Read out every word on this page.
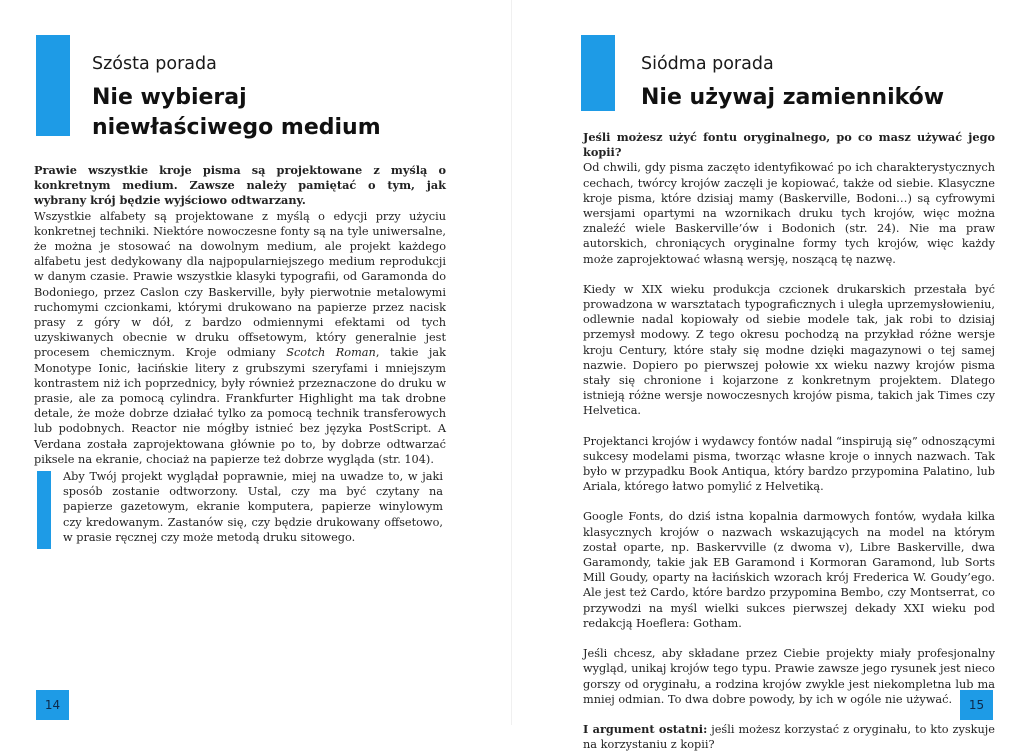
Szósta porada
Nie wybieraj niewłaściwego medium

Prawie wszystkie kroje pisma są projektowane z myślą o konkretnym medium. Zawsze należy pamiętać o tym, jak wybrany krój będzie wyjściowo odtwarzany.

Wszystkie alfabety są projektowane z myślą o edycji przy użyciu konkretnej techniki. Niektóre nowoczesne fonty są na tyle uniwersalne, że można je stosować na dowolnym medium, ale projekt każdego alfabetu jest dedykowany dla najpopularniejszego medium reprodukcji w danym czasie. Prawie wszystkie klasyki typografii, od Garamonda do Bodoniego, przez Caslon czy Baskerville, były pierwotnie metalowymi ruchomymi czcionkami, którymi drukowano na papierze przez nacisk prasy z góry w dół, z bardzo odmiennymi efektami od tych uzyskiwanych obecnie w druku offsetowym, który generalnie jest procesem chemicznym. Kroje odmiany Scotch Roman, takie jak Monotype Ionic, łacińskie litery z grubszymi szeryfami i mniejszym kontrastem niż ich poprzednicy, były również przeznaczone do druku w prasie, ale za pomocą cylindra. Frankfurter Highlight ma tak drobne detale, że może dobrze działać tylko za pomocą technik transferowych lub podobnych. Reactor nie mógłby istnieć bez języka PostScript. A Verdana została zaprojektowana głównie po to, by dobrze odtwarzać piksele na ekranie, chociaż na papierze też dobrze wygląda (str. 104).

Aby Twój projekt wyglądał poprawnie, miej na uwadze to, w jaki sposób zostanie odtworzony. Ustal, czy ma być czytany na papierze gazetowym, ekranie komputera, papierze winylowym czy kredowanym. Zastanów się, czy będzie drukowany offsetowo, w prasie ręcznej czy może metodą druku sitowego.
14
Siódma porada
Nie używaj zamienników

Jeśli możesz użyć fontu oryginalnego, po co masz używać jego kopii?

Od chwili, gdy pisma zaczęto identyfikować po ich charakterystycznych cechach, twórcy krojów zaczęli je kopiować, także od siebie. Klasyczne kroje pisma, które dzisiaj mamy (Baskerville, Bodoni…) są cyfrowymi wersjami opartymi na wzornikach druku tych krojów, więc można znaleźć wiele Baskerville’ów i Bodonich (str. 24). Nie ma praw autorskich, chroniących oryginalne formy tych krojów, więc każdy może zaprojektować własną wersję, noszącą tę nazwę.

Kiedy w XIX wieku produkcja czcionek drukarskich przestała być prowadzona w warsztatach typograficznych i uległa uprzemysłowieniu, odlewnie nadal kopiowały od siebie modele tak, jak robi to dzisiaj przemysł modowy. Z tego okresu pochodzą na przykład różne wersje kroju Century, które stały się modne dzięki magazynowi o tej samej nazwie. Dopiero po pierwszej połowie xx wieku nazwy krojów pisma stały się chronione i kojarzone z konkretnym projektem. Dlatego istnieją różne wersje nowoczesnych krojów pisma, takich jak Times czy Helvetica.

Projektanci krojów i wydawcy fontów nadal “inspirują się” odnoszącymi sukcesy modelami pisma, tworząc własne kroje o innych nazwach. Tak było w przypadku Book Antiqua, który bardzo przypomina Palatino, lub Ariala, którego łatwo pomylić z Helvetiką.

Google Fonts, do dziś istna kopalnia darmowych fontów, wydała kilka klasycznych krojów o nazwach wskazujących na model na którym został oparte, np. Baskervville (z dwoma v), Libre Baskerville, dwa Garamondy, takie jak EB Garamond i Kormoran Garamond, lub Sorts Mill Goudy, oparty na łacińskich wzorach krój Frederica W. Goudy’ego. Ale jest też Cardo, które bardzo przypomina Bembo, czy Montserrat, co przywodzi na myśl wielki sukces pierwszej dekady XXI wieku pod redakcją Hoeflera: Gotham.

Jeśli chcesz, aby składane przez Ciebie projekty miały profesjonalny wygląd, unikaj krojów tego typu. Prawie zawsze jego rysunek jest nieco gorszy od oryginału, a rodzina krojów zwykle jest niekompletna lub ma mniej odmian. To dwa dobre powody, by ich w ogóle nie używać.

I argument ostatni: jeśli możesz korzystać z oryginału, to kto zyskuje na korzystaniu z kopii?

15
